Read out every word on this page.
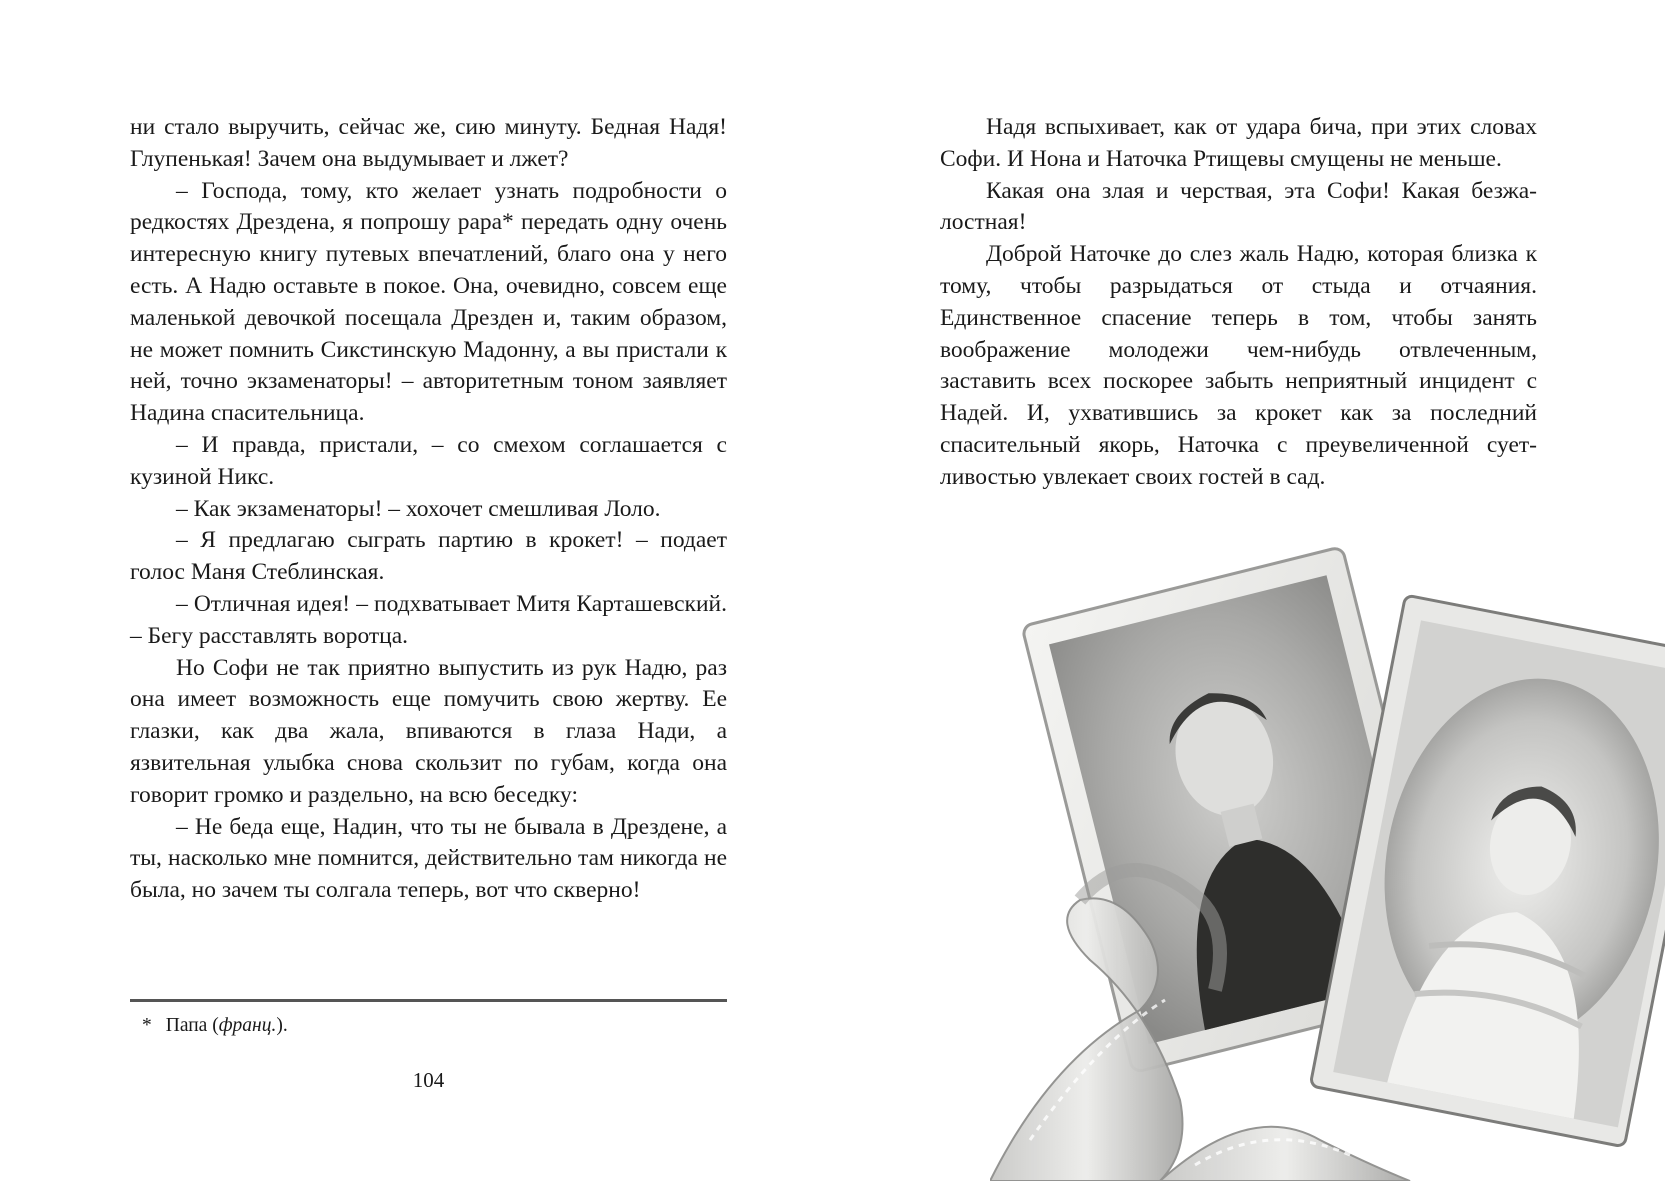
ни стало выручить, сейчас же, сию минуту. Бедная Надя! Глупенькая! Зачем она выдумывает и лжет?

– Господа, тому, кто желает узнать подробности о редкостях Дрездена, я попрошу рара* передать одну очень интересную книгу путевых впечатлений, благо она у него есть. А Надю оставьте в покое. Она, очевидно, совсем еще маленькой девочкой посещала Дрезден и, таким образом, не может помнить Сикстинскую Мадонну, а вы пристали к ней, точно экзаменаторы! – авторитетным тоном заявляет Надина спасительница.

– И правда, пристали, – со смехом соглашается с кузиной Никс.

– Как экзаменаторы! – хохочет смешливая Лоло.

– Я предлагаю сыграть партию в крокет! – подает голос Маня Стеблинская.

– Отличная идея! – подхватывает Митя Карташевский. – Бегу расставлять воротца.

Но Софи не так приятно выпустить из рук Надю, раз она имеет возможность еще помучить свою жертву. Ее глазки, как два жала, впиваются в глаза Нади, а язвительная улыбка снова скользит по губам, когда она говорит громко и раздельно, на всю беседку:

– Не беда еще, Надин, что ты не бывала в Дрездене, а ты, насколько мне помнится, действительно там никогда не была, но зачем ты солгала теперь, вот что скверно!

* Папа (франц.).
104

Надя вспыхивает, как от удара бича, при этих словах Софи. И Нона и Наточка Ртищевы смущены не меньше.

Какая она злая и черствая, эта Софи! Какая безжалостная!

Доброй Наточке до слез жаль Надю, которая близка к тому, чтобы разрыдаться от стыда и отчаяния. Единственное спасение теперь в том, чтобы занять воображение молодежи чем-нибудь отвлеченным, заставить всех поскорее забыть неприятный инцидент с Надей. И, ухватившись за крокет как за последний спасительный якорь, Наточка с преувеличенной суетливостью увлекает своих гостей в сад.
